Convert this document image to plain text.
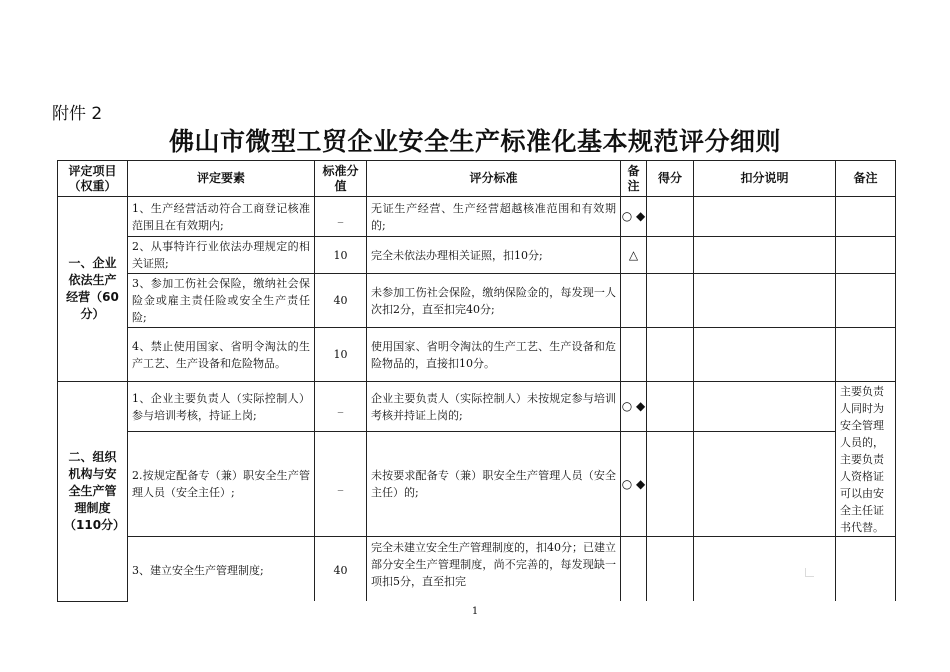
附件 2
佛山市微型工贸企业安全生产标准化基本规范评分细则
评定项目（权重）	评定要素	标准分值	评分标准	备注	得分	扣分说明	备注
一、企业依法生产经营（60分）	1、生产经营活动符合工商登记核准范围且在有效期内;	_	无证生产经营、生产经营超越核准范围和有效期的;	○ ◆			
	2、从事特许行业依法办理规定的相关证照;	10	完全未依法办理相关证照，扣10分;	△			
	3、参加工伤社会保险，缴纳社会保险金或雇主责任险或安全生产责任险;	40	未参加工伤社会保险，缴纳保险金的，每发现一人次扣2分，直至扣完40分;				
	4、禁止使用国家、省明令淘汰的生产工艺、生产设备和危险物品。	10	使用国家、省明令淘汰的生产工艺、生产设备和危险物品的，直接扣10分。				
二、组织机构与安全生产管理制度（110分）	1、企业主要负责人（实际控制人）参与培训考核，持证上岗;	_	企业主要负责人（实际控制人）未按规定参与培训考核并持证上岗的;	○ ◆			主要负责人同时为安全管理人员的，主要负责人资格证可以由安全主任证书代替。
	2.按规定配备专（兼）职安全生产管理人员（安全主任）;	_	未按要求配备专（兼）职安全生产管理人员（安全主任）的;	○ ◆			
	3、建立安全生产管理制度;	40	完全未建立安全生产管理制度的，扣40分；已建立部分安全生产管理制度，尚不完善的，每发现缺一项扣5分，直至扣完				
1
